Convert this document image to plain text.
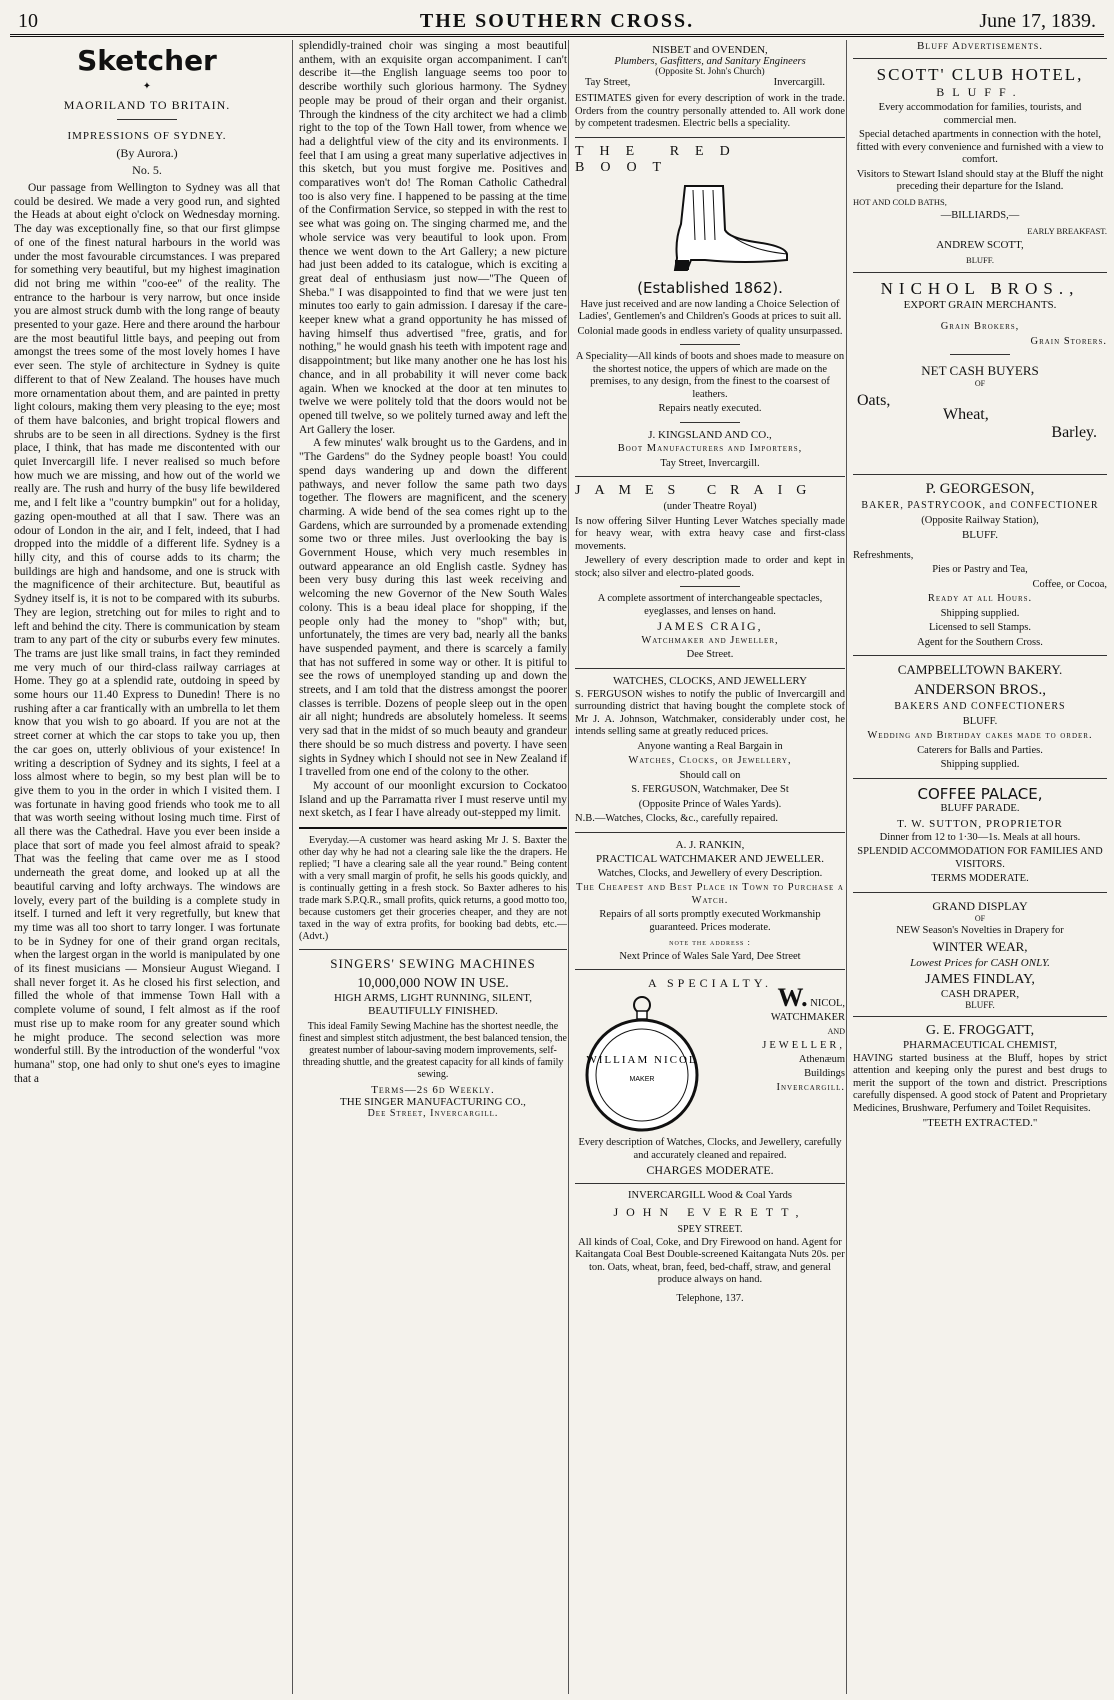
10	THE SOUTHERN CROSS.	June 17, 1839.
Sketcher
✦
MAORILAND TO BRITAIN.
IMPRESSIONS OF SYDNEY.
(By Aurora.)
No. 5.

Our passage from Wellington to Sydney was all that could be desired. We made a very good run, and sighted the Heads at about eight o'clock on Wednesday morning. The day was exceptionally fine, so that our first glimpse of one of the finest natural harbours in the world was under the most favourable circumstances. I was prepared for something very beautiful, but my highest imagination did not bring me within "coo-ee" of the reality. The entrance to the harbour is very narrow, but once inside you are almost struck dumb with the long range of beauty presented to your gaze. Here and there around the harbour are the most beautiful little bays, and peeping out from amongst the trees some of the most lovely homes I have ever seen. The style of architecture in Sydney is quite different to that of New Zealand. The houses have much more ornamentation about them, and are painted in pretty light colours, making them very pleasing to the eye; most of them have balconies, and bright tropical flowers and shrubs are to be seen in all directions. Sydney is the first place, I think, that has made me discontented with our quiet Invercargill life. I never realised so much before how much we are missing, and how out of the world we really are. The rush and hurry of the busy life bewildered me, and I felt like a "country bumpkin" out for a holiday, gazing open-mouthed at all that I saw. There was an odour of London in the air, and I felt, indeed, that I had dropped into the middle of a different life. Sydney is a hilly city, and this of course adds to its charm; the buildings are high and handsome, and one is struck with the magnificence of their architecture. But, beautiful as Sydney itself is, it is not to be compared with its suburbs. They are legion, stretching out for miles to right and to left and behind the city. There is communication by steam tram to any part of the city or suburbs every few minutes. The trams are just like small trains, in fact they reminded me very much of our third-class railway carriages at Home. They go at a splendid rate, outdoing in speed by some hours our 11.40 Express to Dunedin! There is no rushing after a car frantically with an umbrella to let them know that you wish to go aboard. If you are not at the street corner at which the car stops to take you up, then the car goes on, utterly oblivious of your existence! In writing a description of Sydney and its sights, I feel at a loss almost where to begin, so my best plan will be to give them to you in the order in which I visited them. I was fortunate in having good friends who took me to all that was worth seeing without losing much time. First of all there was the Cathedral. Have you ever been inside a place that sort of made you feel almost afraid to speak? That was the feeling that came over me as I stood underneath the great dome, and looked up at all the beautiful carving and lofty archways. The windows are lovely, every part of the building is a complete study in itself. I turned and left it very regretfully, but knew that my time was all too short to tarry longer. I was fortunate to be in Sydney for one of their grand organ recitals, when the largest organ in the world is manipulated by one of its finest musicians — Monsieur August Wiegand. I shall never forget it. As he closed his first selection, and filled the whole of that immense Town Hall with a complete volume of sound, I felt almost as if the roof must rise up to make room for any greater sound which he might produce. The second selection was more wonderful still. By the introduction of the wonderful "vox humana" stop, one had only to shut one's eyes to imagine that a

splendidly-trained choir was singing a most beautiful anthem, with an exquisite organ accompaniment. I can't describe it—the English language seems too poor to describe worthily such glorious harmony. The Sydney people may be proud of their organ and their organist. Through the kindness of the city architect we had a climb right to the top of the Town Hall tower, from whence we had a delightful view of the city and its environments. I feel that I am using a great many superlative adjectives in this sketch, but you must forgive me. Positives and comparatives won't do! The Roman Catholic Cathedral too is also very fine. I happened to be passing at the time of the Confirmation Service, so stepped in with the rest to see what was going on. The singing charmed me, and the whole service was very beautiful to look upon. From thence we went down to the Art Gallery; a new picture had just been added to its catalogue, which is exciting a great deal of enthusiasm just now—"The Queen of Sheba." I was disappointed to find that we were just ten minutes too early to gain admission. I daresay if the care-keeper knew what a grand opportunity he has missed of having himself thus advertised "free, gratis, and for nothing," he would gnash his teeth with impotent rage and disappointment; but like many another one he has lost his chance, and in all probability it will never come back again. When we knocked at the door at ten minutes to twelve we were politely told that the doors would not be opened till twelve, so we politely turned away and left the Art Gallery the loser.

A few minutes' walk brought us to the Gardens, and in "The Gardens" do the Sydney people boast! You could spend days wandering up and down the different pathways, and never follow the same path two days together. The flowers are magnificent, and the scenery charming. A wide bend of the sea comes right up to the Gardens, which are surrounded by a promenade extending some two or three miles. Just overlooking the bay is Government House, which very much resembles in outward appearance an old English castle. Sydney has been very busy during this last week receiving and welcoming the new Governor of the New South Wales colony. This is a beau ideal place for shopping, if the people only had the money to "shop" with; but, unfortunately, the times are very bad, nearly all the banks have suspended payment, and there is scarcely a family that has not suffered in some way or other. It is pitiful to see the rows of unemployed standing up and down the streets, and I am told that the distress amongst the poorer classes is terrible. Dozens of people sleep out in the open air all night; hundreds are absolutely homeless. It seems very sad that in the midst of so much beauty and grandeur there should be so much distress and poverty. I have seen sights in Sydney which I should not see in New Zealand if I travelled from one end of the colony to the other.

My account of our moonlight excursion to Cockatoo Island and up the Parramatta river I must reserve until my next sketch, as I fear I have already out-stepped my limit.

Everyday.—A customer was heard asking Mr J. S. Baxter the other day why he had not a clearing sale like the the drapers. He replied; "I have a clearing sale all the year round." Being content with a very small margin of profit, he sells his goods quickly, and is continually getting in a fresh stock. So Baxter adheres to his trade mark S.P.Q.R., small profits, quick returns, a good motto too, because customers get their groceries cheaper, and they are not taxed in the way of extra profits, for booking bad debts, etc.—(Advt.)

SINGERS' SEWING MACHINES
10,000,000 NOW IN USE.
HIGH ARMS, LIGHT RUNNING, SILENT, BEAUTIFULLY FINISHED.

This ideal Family Sewing Machine has the shortest needle, the finest and simplest stitch adjustment, the best balanced tension, the greatest number of labour-saving modern improvements, self-threading shuttle, and the greatest capacity for all kinds of family sewing.

Terms—2s 6d Weekly.
THE SINGER MANUFACTURING CO.,
Dee Street, Invercargill.
NISBET and OVENDEN,
Plumbers, Gasfitters, and Sanitary Engineers
(Opposite St. John's Church)
Tay Street,	Invercargill.

ESTIMATES given for every description of work in the trade. Orders from the country personally attended to. All work done by competent tradesmen. Electric bells a speciality.

THE RED BOOT
(Established 1862).

Have just received and are now landing a Choice Selection of Ladies', Gentlemen's and Children's Goods at prices to suit all.

Colonial made goods in endless variety of quality unsurpassed.

A Speciality—All kinds of boots and shoes made to measure on the shortest notice, the uppers of which are made on the premises, to any design, from the finest to the coarsest of leathers.

Repairs neatly executed.

J. KINGSLAND AND CO.,

Boot Manufacturers and Importers,

Tay Street, Invercargill.

JAMES CRAIG

(under Theatre Royal)

Is now offering Silver Hunting Lever Watches specially made for heavy wear, with extra heavy case and first-class movements.

Jewellery of every description made to order and kept in stock; also silver and electro-plated goods.

A complete assortment of interchangeable spectacles, eyeglasses, and lenses on hand.

JAMES CRAIG,

Watchmaker and Jeweller,

Dee Street.

WATCHES, CLOCKS, AND JEWELLERY

S. FERGUSON wishes to notify the public of Invercargill and surrounding district that having bought the complete stock of Mr J. A. Johnson, Watchmaker, considerably under cost, he intends selling same at greatly reduced prices.

Anyone wanting a Real Bargain in

Watches, Clocks, or Jewellery,

Should call on

S. FERGUSON, Watchmaker, Dee St

(Opposite Prince of Wales Yards).

N.B.—Watches, Clocks, &c., carefully repaired.

A. J. RANKIN,

PRACTICAL WATCHMAKER AND JEWELLER.

Watches, Clocks, and Jewellery of every Description.

The Cheapest and Best Place in Town to Purchase a Watch.

Repairs of all sorts promptly executed Workmanship guaranteed. Prices moderate.

note the address :

Next Prince of Wales Sale Yard, Dee Street

A SPECIALTY.
WILLIAM NICOL
MAKER
W. NICOL,
WATCHMAKER
AND
JEWELLER,
Athenæum
Buildings
Invercargill.

Every description of Watches, Clocks, and Jewellery, carefully and accurately cleaned and repaired.

CHARGES MODERATE.

INVERCARGILL Wood & Coal Yards
JOHN EVERETT,
SPEY STREET.

All kinds of Coal, Coke, and Dry Firewood on hand. Agent for Kaitangata Coal Best Double-screened Kaitangata Nuts 20s. per ton. Oats, wheat, bran, feed, bed-chaff, straw, and general produce always on hand.

Telephone, 137.

Bluff Advertisements.
SCOTT' CLUB HOTEL,
BLUFF.

Every accommodation for families, tourists, and commercial men.

Special detached apartments in connection with the hotel, fitted with every convenience and furnished with a view to comfort.

Visitors to Stewart Island should stay at the Bluff the night preceding their departure for the Island.

HOT AND COLD BATHS,

—BILLIARDS,—

EARLY BREAKFAST.

ANDREW SCOTT,

BLUFF.

NICHOL BROS.,
EXPORT GRAIN MERCHANTS.

Grain Brokers,

Grain Storers.

NET CASH BUYERS
OF
Oats,
Wheat,
Barley.
P. GEORGESON,

BAKER, PASTRYCOOK, and CONFECTIONER

(Opposite Railway Station),

BLUFF.

Refreshments,

Pies or Pastry and Tea,

Coffee, or Cocoa,

Ready at all Hours.

Shipping supplied.

Licensed to sell Stamps.

Agent for the Southern Cross.

CAMPBELLTOWN BAKERY.
ANDERSON BROS.,

BAKERS AND CONFECTIONERS

BLUFF.

Wedding and Birthday cakes made to order.

Caterers for Balls and Parties.

Shipping supplied.

COFFEE PALACE,
BLUFF PARADE.
T. W. SUTTON, PROPRIETOR

Dinner from 12 to 1·30—1s. Meals at all hours.

SPLENDID ACCOMMODATION FOR FAMILIES AND VISITORS.

TERMS MODERATE.

GRAND DISPLAY
OF

NEW Season's Novelties in Drapery for

WINTER WEAR,

Lowest Prices for CASH ONLY.

JAMES FINDLAY,
CASH DRAPER,
BLUFF.
G. E. FROGGATT,
PHARMACEUTICAL CHEMIST,

HAVING started business at the Bluff, hopes by strict attention and keeping only the purest and best drugs to merit the support of the town and district. Prescriptions carefully dispensed. A good stock of Patent and Proprietary Medicines, Brushware, Perfumery and Toilet Requisites.

"TEETH EXTRACTED."
